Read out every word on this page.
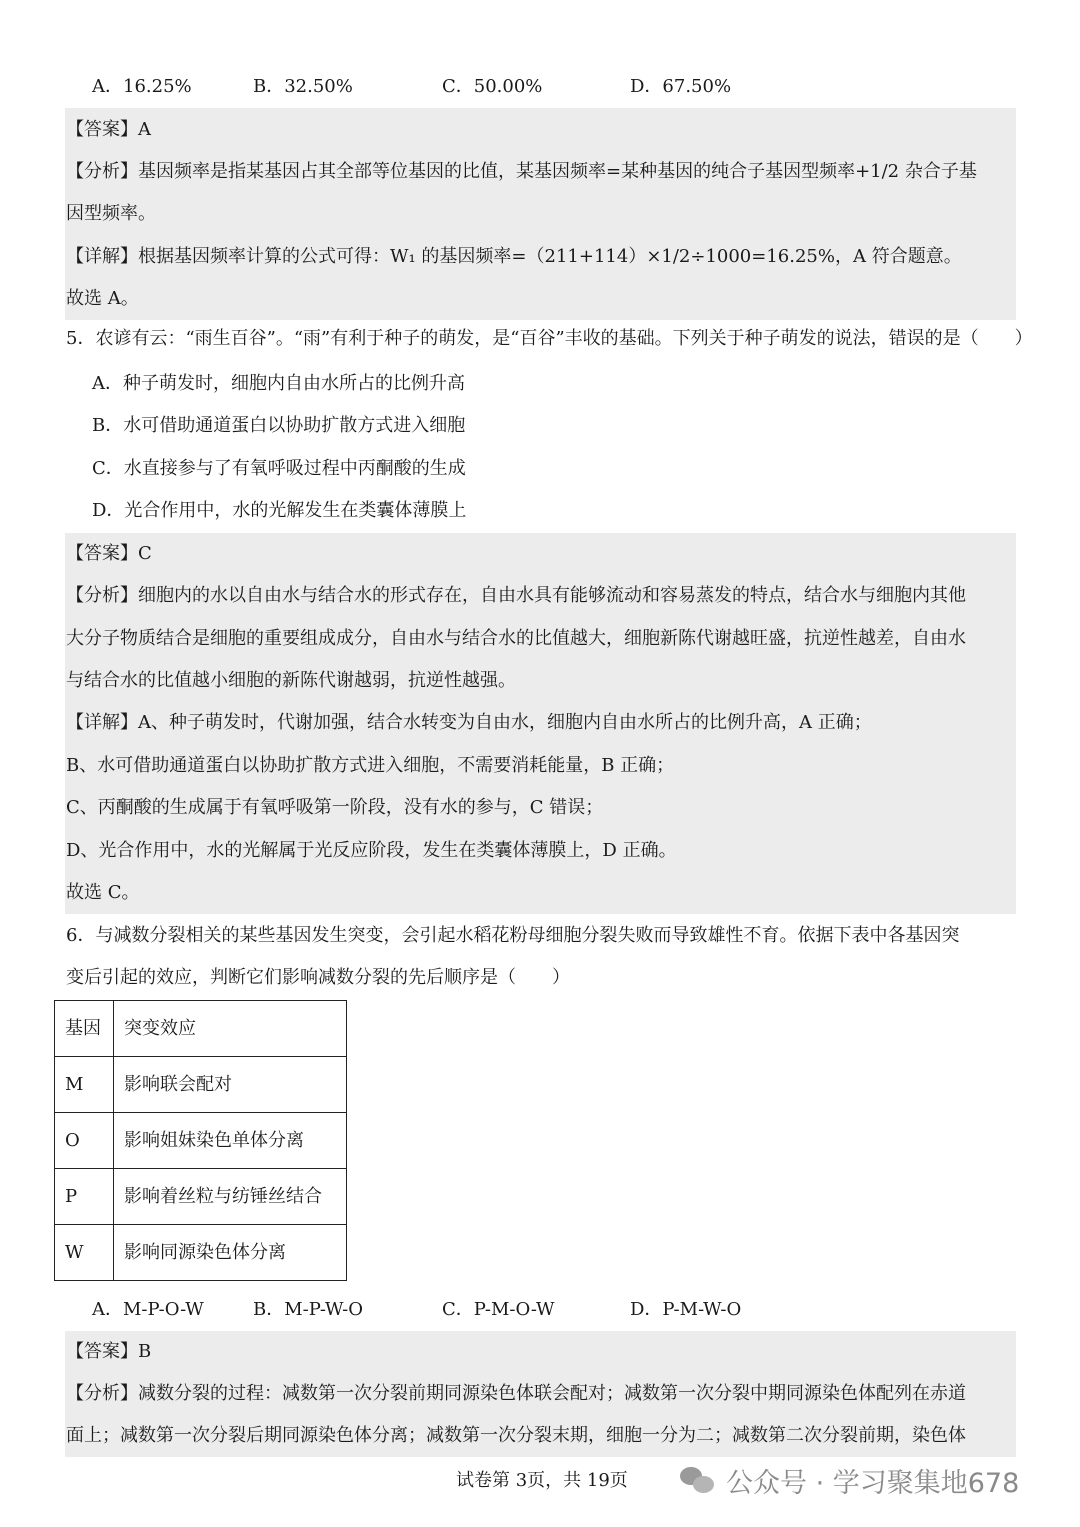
A．16.25%	B．32.50%	C．50.00%	D．67.50%
【答案】A
【分析】基因频率是指某基因占其全部等位基因的比值，某基因频率=某种基因的纯合子基因型频率+1/2 杂合子基
因型频率。
【详解】根据基因频率计算的公式可得：W₁ 的基因频率=（211+114）×1/2÷1000=16.25%，A 符合题意。
故选 A。
5．农谚有云：“雨生百谷”。“雨”有利于种子的萌发，是“百谷”丰收的基础。下列关于种子萌发的说法，错误的是（　　）
A．种子萌发时，细胞内自由水所占的比例升高
B．水可借助通道蛋白以协助扩散方式进入细胞
C．水直接参与了有氧呼吸过程中丙酮酸的生成
D．光合作用中，水的光解发生在类囊体薄膜上
【答案】C
【分析】细胞内的水以自由水与结合水的形式存在，自由水具有能够流动和容易蒸发的特点，结合水与细胞内其他
大分子物质结合是细胞的重要组成成分，自由水与结合水的比值越大，细胞新陈代谢越旺盛，抗逆性越差，自由水
与结合水的比值越小细胞的新陈代谢越弱，抗逆性越强。
【详解】A、种子萌发时，代谢加强，结合水转变为自由水，细胞内自由水所占的比例升高，A 正确；
B、水可借助通道蛋白以协助扩散方式进入细胞，不需要消耗能量，B 正确；
C、丙酮酸的生成属于有氧呼吸第一阶段，没有水的参与，C 错误；
D、光合作用中，水的光解属于光反应阶段，发生在类囊体薄膜上，D 正确。
故选 C。
6．与减数分裂相关的某些基因发生突变，会引起水稻花粉母细胞分裂失败而导致雄性不育。依据下表中各基因突
变后引起的效应，判断它们影响减数分裂的先后顺序是（　　）
基因	突变效应
M	影响联会配对
O	影响姐妹染色单体分离
P	影响着丝粒与纺锤丝结合
W	影响同源染色体分离
A．M-P-O-W	B．M-P-W-O	C．P-M-O-W	D．P-M-W-O
【答案】B
【分析】减数分裂的过程：减数第一次分裂前期同源染色体联会配对；减数第一次分裂中期同源染色体配列在赤道
面上；减数第一次分裂后期同源染色体分离；减数第一次分裂末期，细胞一分为二；减数第二次分裂前期，染色体
试卷第 3页，共 19页	公众号 · 学习聚集地678
